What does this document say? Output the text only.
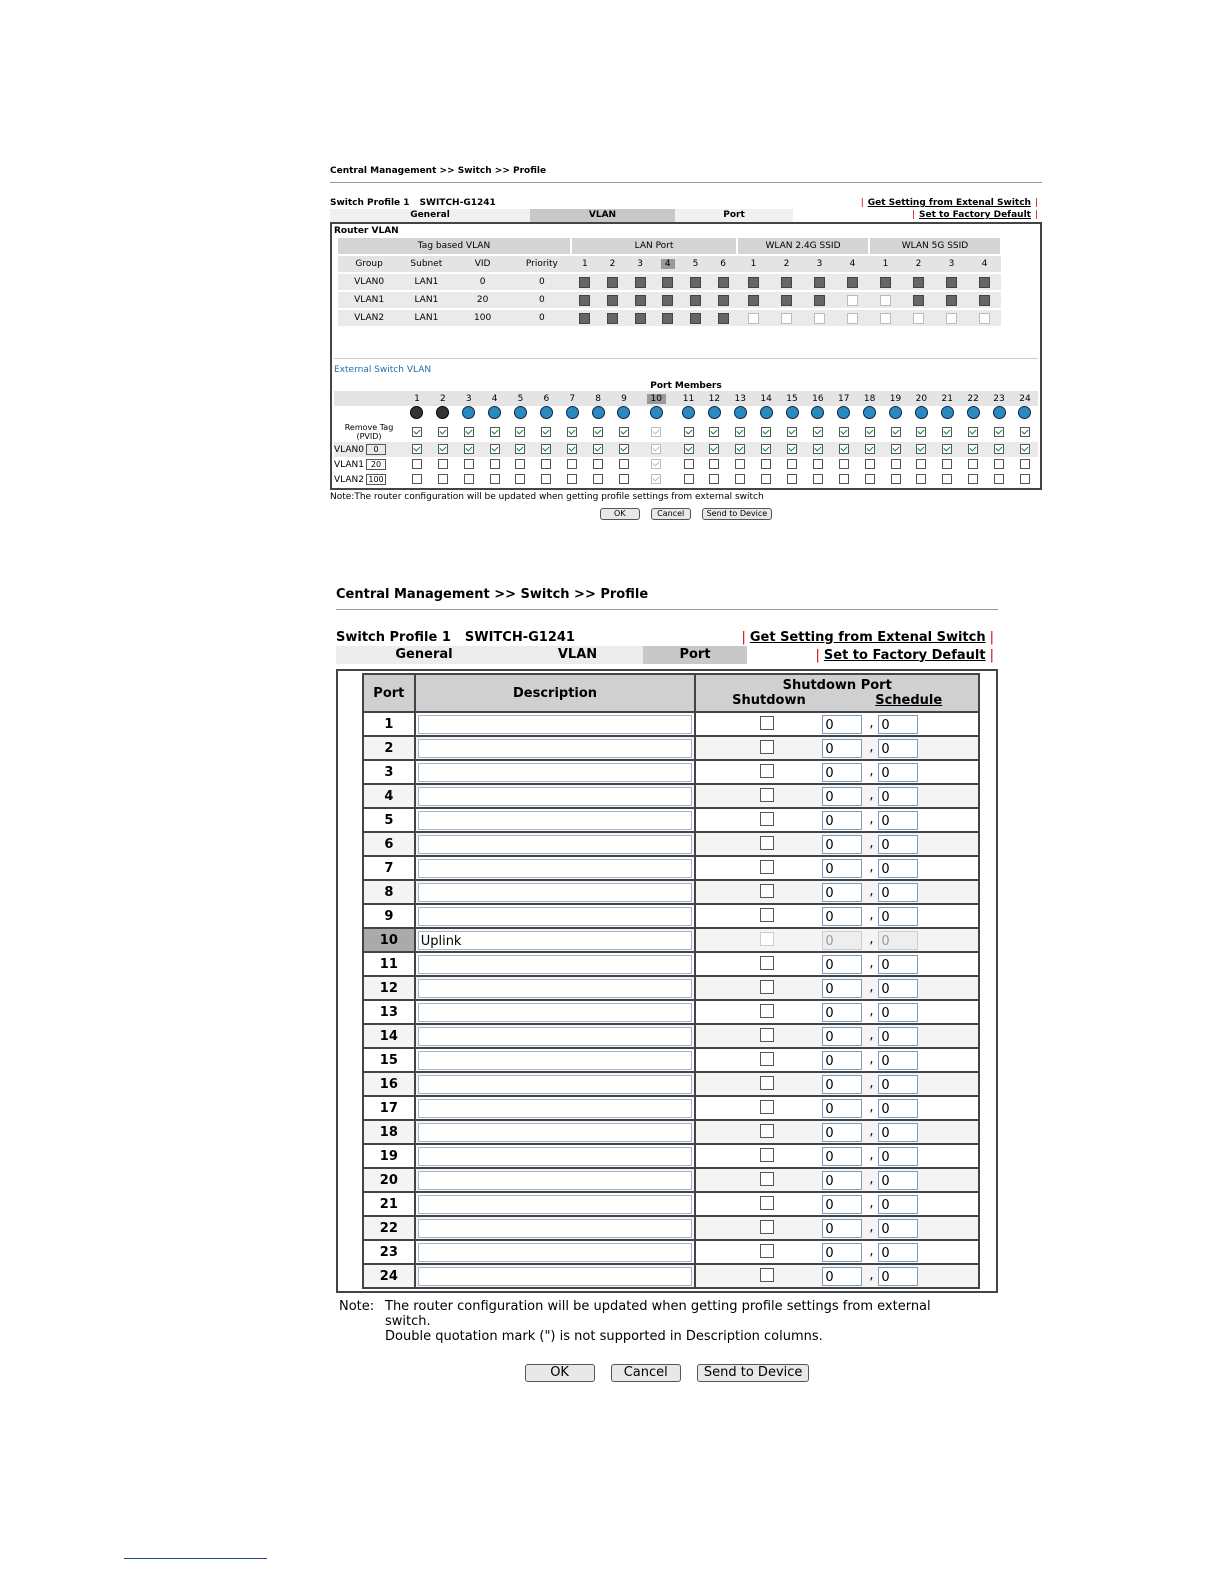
Central Management >> Switch >> Profile
Switch Profile 1 SWITCH-G1241	| Get Setting from Extenal Switch |
General	VLAN	Port	| Set to Factory Default |
Router VLAN
Tag based VLAN				LAN Port						WLAN 2.4G SSID				WLAN 5G SSID			
Group	Subnet	VID	Priority	1	2	3	4	5	6	1	2	3	4	1	2	3	4
VLAN0	LAN1	0	0														
VLAN1	LAN1	20	0														
VLAN2	LAN1	100	0														
External Switch VLAN
Port Members
	1	2	3	4	5	6	7	8	9	10	11	12	13	14	15	16	17	18	19	20	21	22	23	24

Remove Tag (PVID)																								

VLAN0 0																								

VLAN1 20																								

VLAN2 100																								

Note:The router configuration will be updated when getting profile settings from external switch
OK	Cancel	Send to Device
Central Management >> Switch >> Profile
Switch Profile 1 SWITCH-G1241	| Get Setting from Extenal Switch |
General	VLAN	Port	| Set to Factory Default |
Port	Description	Shutdown Port
Shutdown Schedule

1		0 , 0

2		0 , 0

3		0 , 0

4		0 , 0

5		0 , 0

6		0 , 0

7		0 , 0

8		0 , 0

9		0 , 0

10	Uplink	0 , 0

11		0 , 0

12		0 , 0

13		0 , 0

14		0 , 0

15		0 , 0

16		0 , 0

17		0 , 0

18		0 , 0

19		0 , 0

20		0 , 0

21		0 , 0

22		0 , 0

23		0 , 0

24		0 , 0
Note: The router configuration will be updated when getting profile settings from external switch.
Double quotation mark (") is not supported in Description columns.
OK	Cancel	Send to Device
